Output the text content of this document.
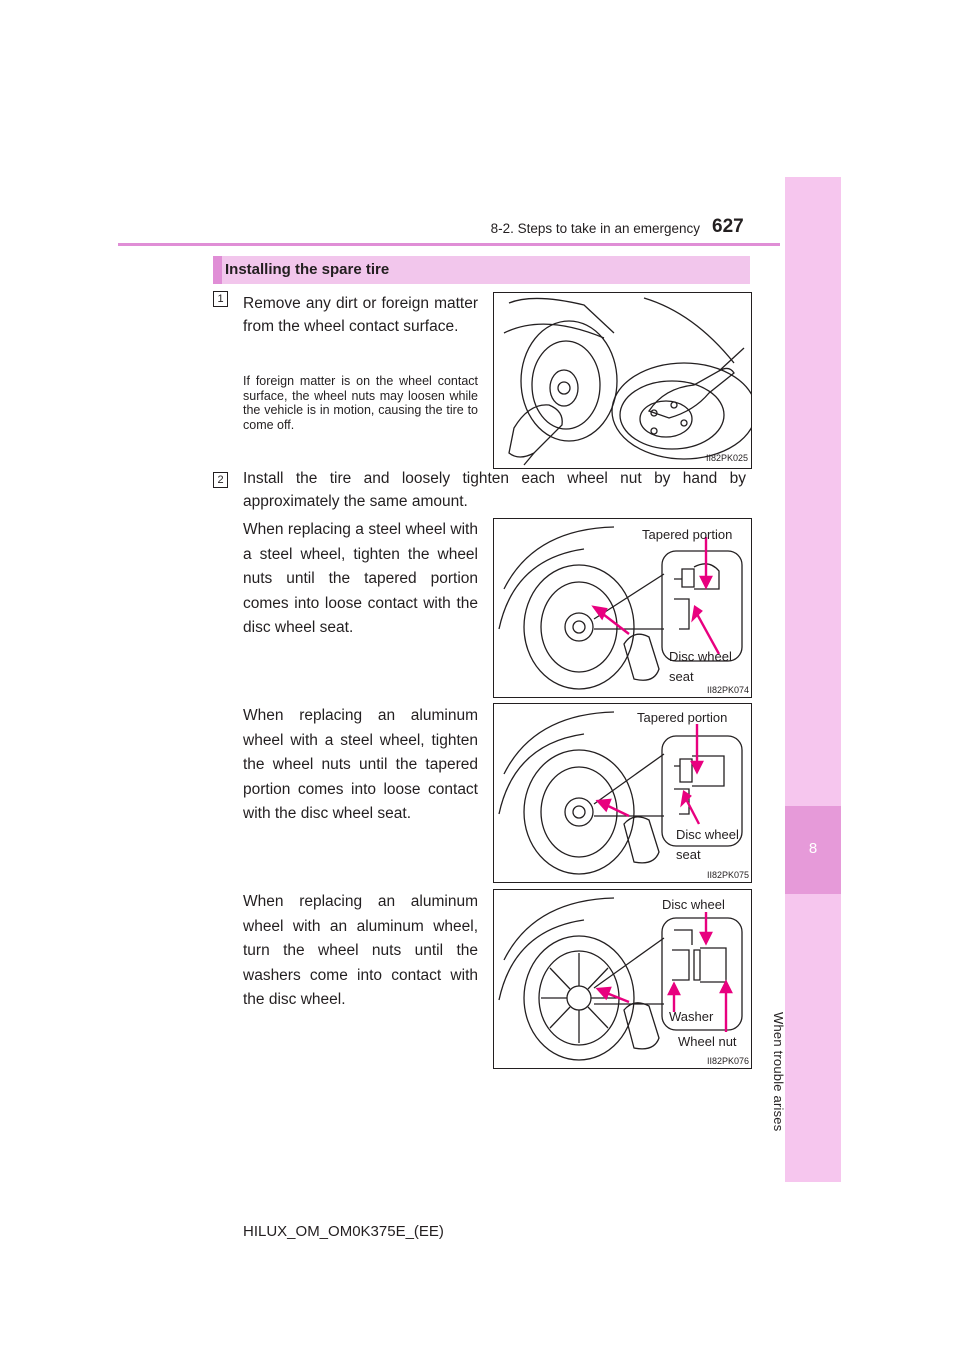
8
When trouble arises
8-2. Steps to take in an emergency 627
Installing the spare tire
1 Remove any dirt or foreign matter from the wheel contact surface.
If foreign matter is on the wheel contact surface, the wheel nuts may loosen while the vehicle is in motion, causing the tire to come off.
II82PK025
2 Install the tire and loosely tighten each wheel nut by hand by approximately the same amount.
When replacing a steel wheel with a steel wheel, tighten the wheel nuts until the tapered portion comes into loose contact with the disc wheel seat.
Tapered portion
Disc wheel
seat
II82PK074
When replacing an aluminum wheel with a steel wheel, tighten the wheel nuts until the tapered portion comes into loose contact with the disc wheel seat.
Tapered portion
Disc wheel
seat
II82PK075
When replacing an aluminum wheel with an aluminum wheel, turn the wheel nuts until the washers come into contact with the disc wheel.
Disc wheel
Washer
Wheel nut
II82PK076
HILUX_OM_OM0K375E_(EE)
